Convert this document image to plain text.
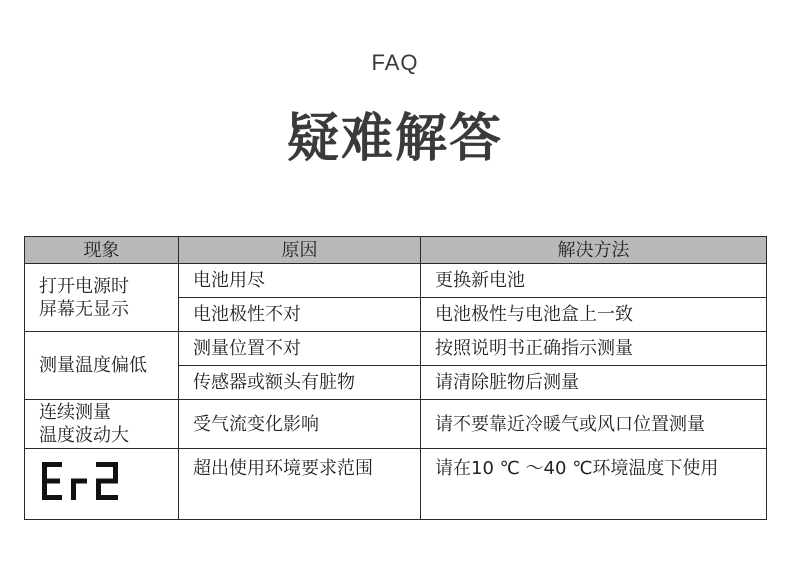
FAQ
疑难解答
现象	原因	解决方法
打开电源时
屏幕无显示	电池用尽	更换新电池
	电池极性不对	电池极性与电池盒上一致
测量温度偏低	测量位置不对	按照说明书正确指示测量
	传感器或额头有脏物	请清除脏物后测量
连续测量
温度波动大	受气流变化影响	请不要靠近冷暖气或风口位置测量

Er2	超出使用环境要求范围	请在10 ℃ ～40 ℃环境温度下使用
